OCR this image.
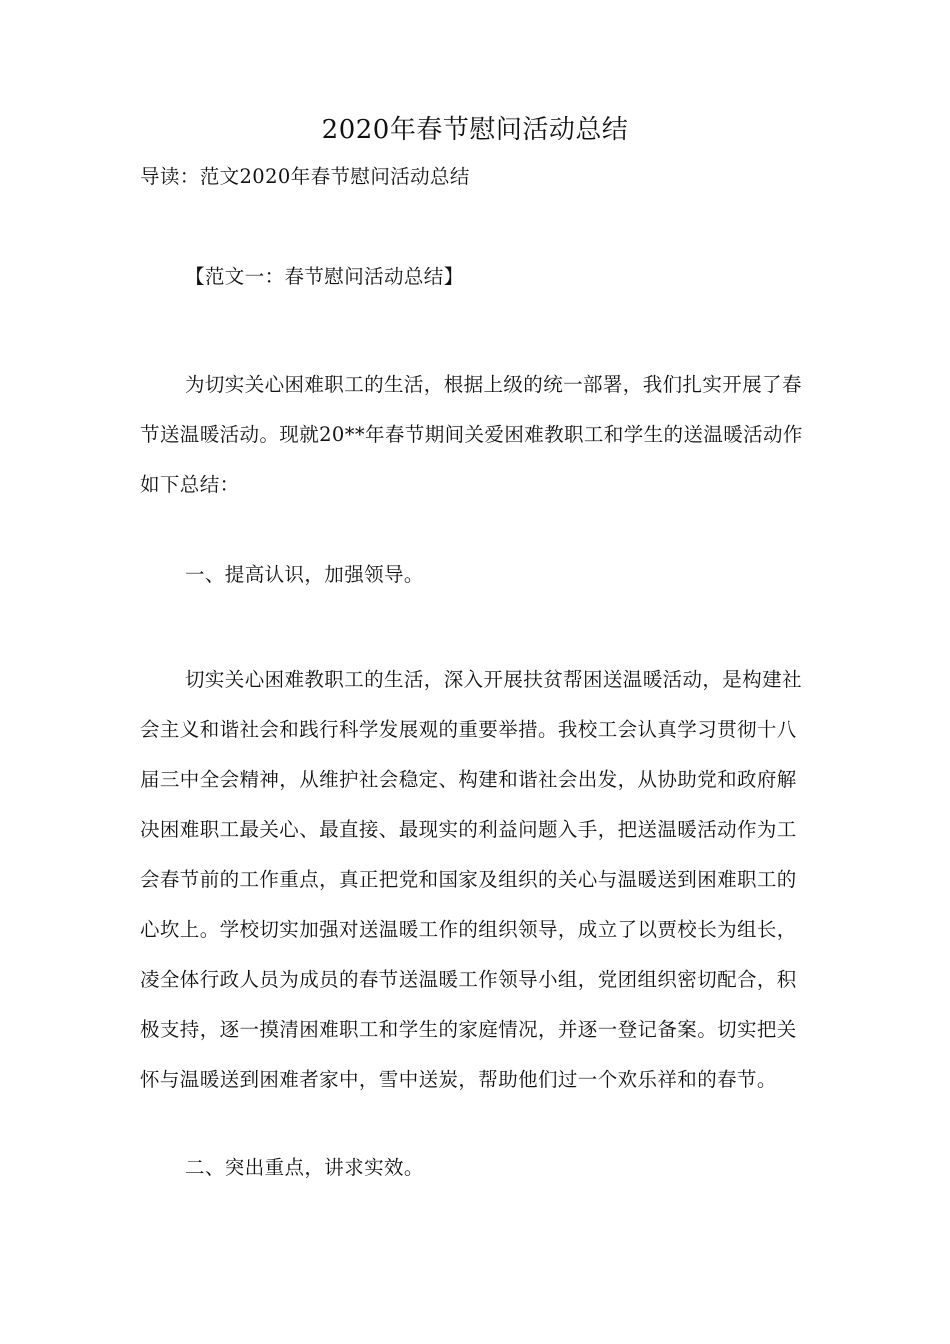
2020年春节慰问活动总结
导读：范文2020年春节慰问活动总结
【范文一：春节慰问活动总结】
为切实关心困难职工的生活，根据上级的统一部署，我们扎实开展了春节送温暖活动。现就20**年春节期间关爱困难教职工和学生的送温暖活动作如下总结：
一、提高认识，加强领导。
切实关心困难教职工的生活，深入开展扶贫帮困送温暖活动，是构建社会主义和谐社会和践行科学发展观的重要举措。我校工会认真学习贯彻十八届三中全会精神，从维护社会稳定、构建和谐社会出发，从协助党和政府解决困难职工最关心、最直接、最现实的利益问题入手，把送温暖活动作为工会春节前的工作重点，真正把党和国家及组织的关心与温暖送到困难职工的心坎上。学校切实加强对送温暖工作的组织领导，成立了以贾校长为组长，凌全体行政人员为成员的春节送温暖工作领导小组，党团组织密切配合，积极支持，逐一摸清困难职工和学生的家庭情况，并逐一登记备案。切实把关怀与温暖送到困难者家中，雪中送炭，帮助他们过一个欢乐祥和的春节。
二、突出重点，讲求实效。
